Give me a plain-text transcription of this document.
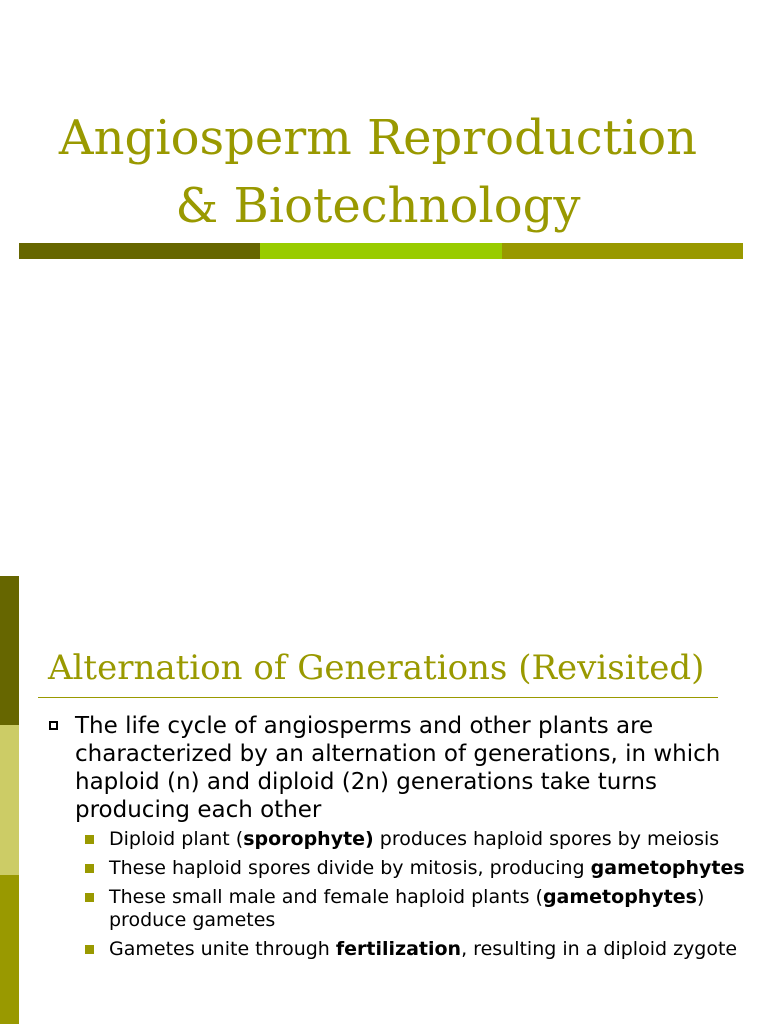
Angiosperm Reproduction
& Biotechnology
Alternation of Generations (Revisited)
The life cycle of angiosperms and other plants are characterized by an alternation of generations, in which haploid (n) and diploid (2n) generations take turns producing each other
Diploid plant (sporophyte) produces haploid spores by meiosis
These haploid spores divide by mitosis, producing gametophytes
These small male and female haploid plants (gametophytes) produce gametes
Gametes unite through fertilization, resulting in a diploid zygote
